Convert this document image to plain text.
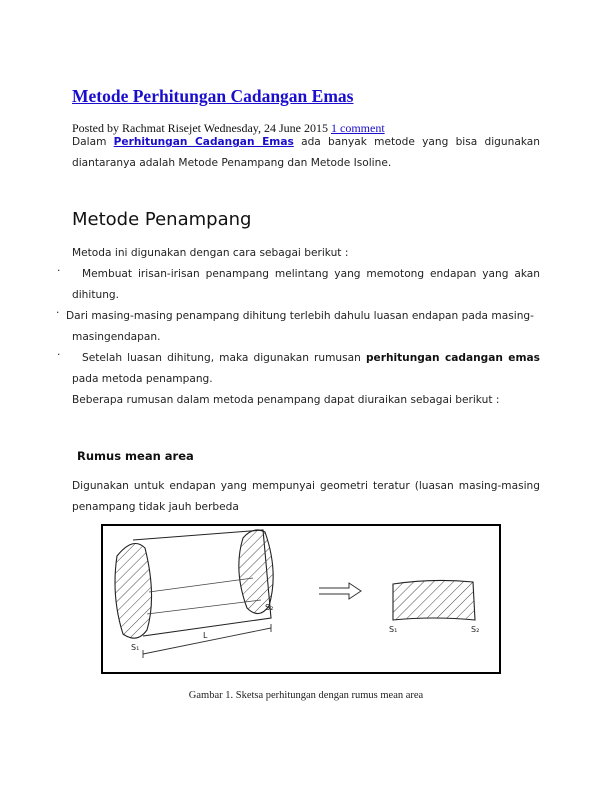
Metode Perhitungan Cadangan Emas
Posted by Rachmat Risejet Wednesday, 24 June 2015 1 comment
Dalam Perhitungan Cadangan Emas ada banyak metode yang bisa digunakan diantaranya adalah Metode Penampang dan Metode Isoline.
Metode Penampang
Metoda ini digunakan dengan cara sebagai berikut :
·	Membuat irisan-irisan penampang melintang yang memotong endapan yang akan dihitung.
· Dari masing-masing penampang dihitung terlebih dahulu luasan endapan pada masing-
masingendapan.
·	Setelah luasan dihitung, maka digunakan rumusan perhitungan cadangan emas pada metoda penampang.
Beberapa rumusan dalam metoda penampang dapat diuraikan sebagai berikut :
Rumus mean area
Digunakan untuk endapan yang mempunyai geometri teratur (luasan masing-masing penampang tidak jauh berbeda
S₁
S₂
L
S₁	S₂
Gambar 1. Sketsa perhitungan dengan rumus mean area
